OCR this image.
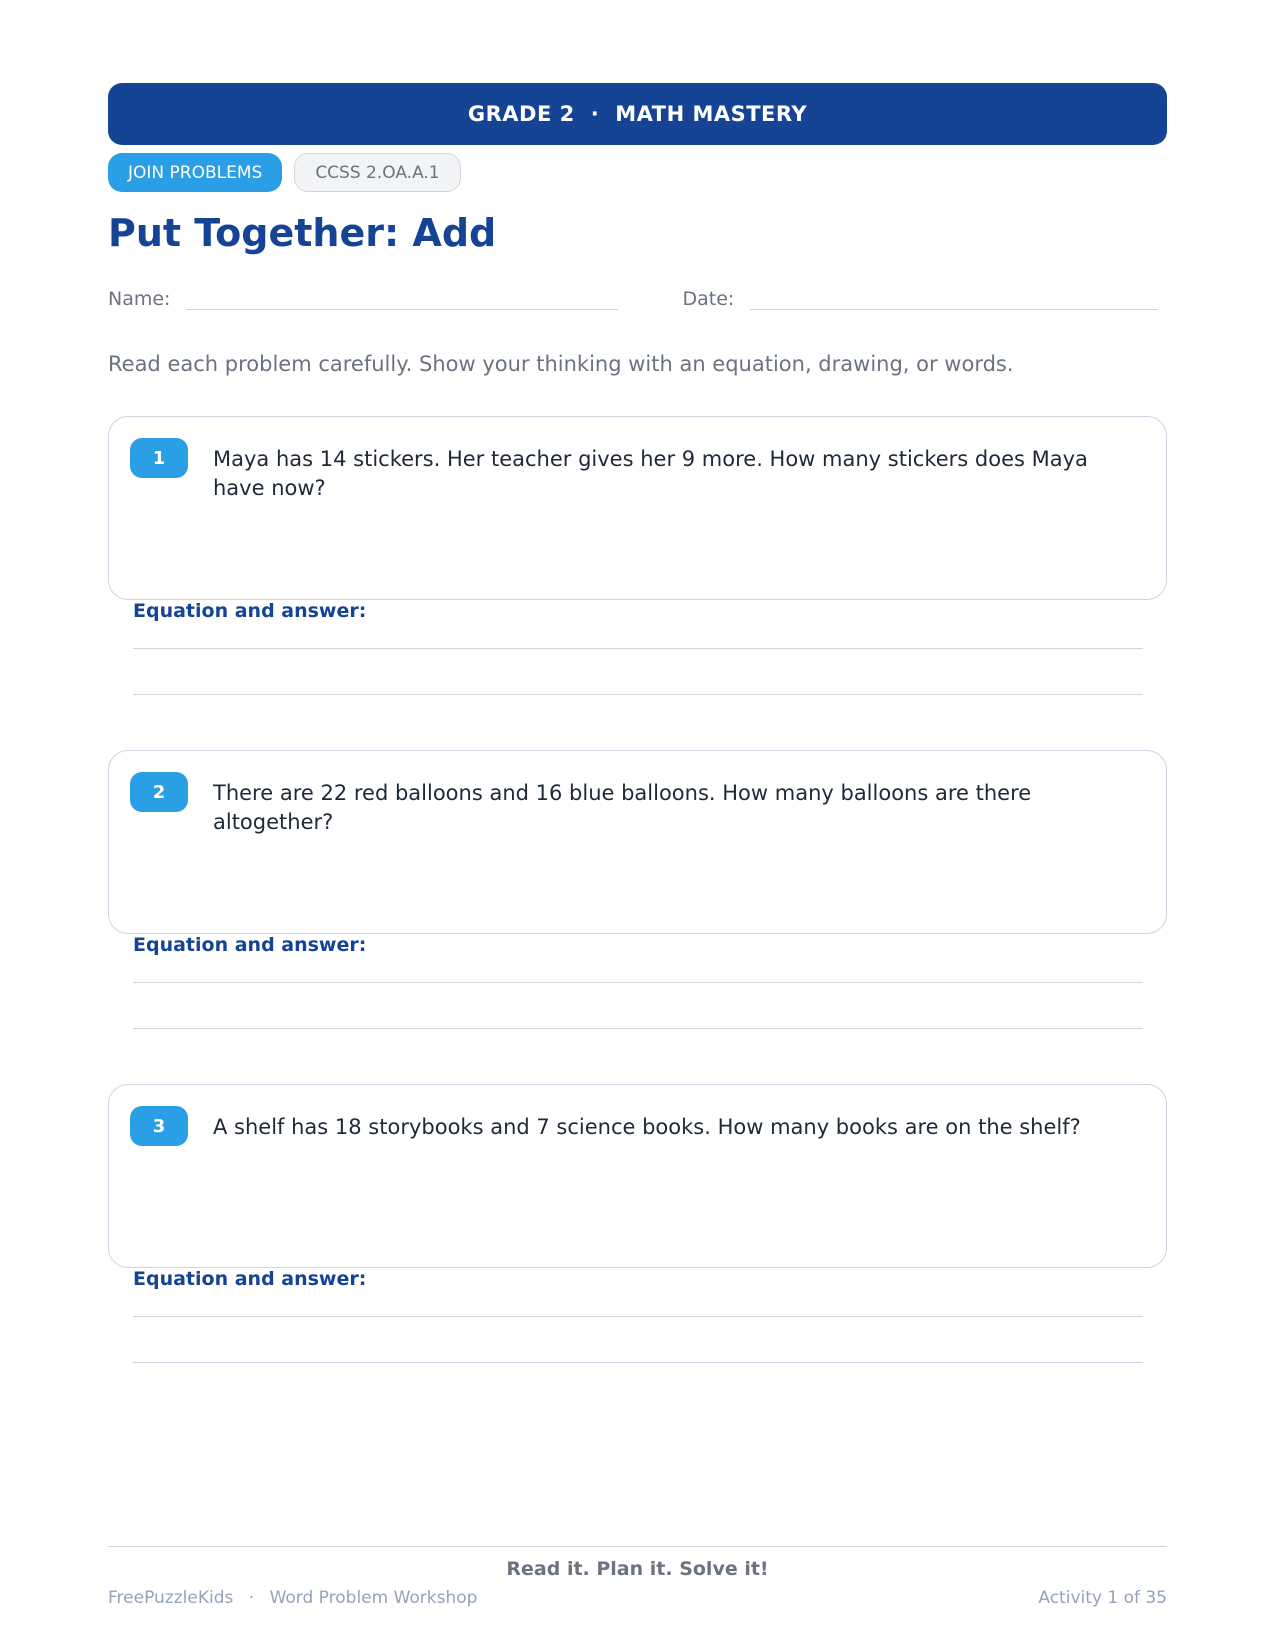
GRADE 2 · MATH MASTERY
JOIN PROBLEMS	CCSS 2.OA.A.1
Put Together: Add
Name:	Date:

Read each problem carefully. Show your thinking with an equation, drawing, or words.

1	Maya has 14 stickers. Her teacher gives her 9 more. How many stickers does Maya have now?

Equation and answer:
2	There are 22 red balloons and 16 blue balloons. How many balloons are there altogether?

Equation and answer:
3	A shelf has 18 storybooks and 7 science books. How many books are on the shelf?

Equation and answer:
Read it. Plan it. Solve it!
FreePuzzleKids · Word Problem Workshop	Activity 1 of 35
